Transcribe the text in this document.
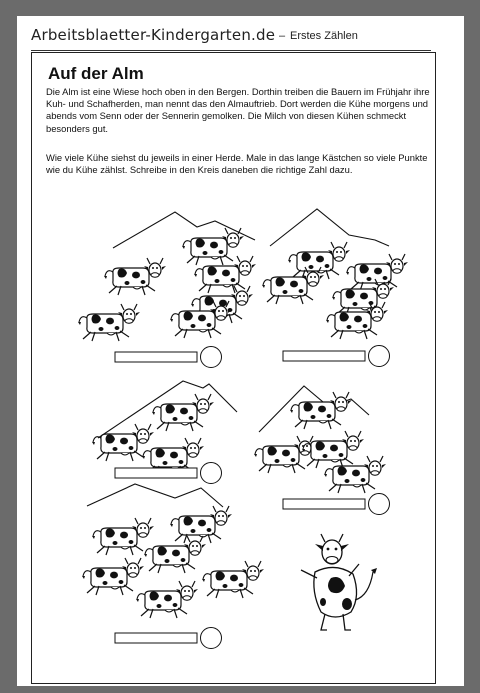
Arbeitsblaetter-Kindergarten.de – Erstes Zählen
Auf der Alm

Die Alm ist eine Wiese hoch oben in den Bergen. Dorthin treiben die Bauern im Frühjahr ihre Kuh- und Schafherden, man nennt das den Almauftrieb. Dort werden die Kühe morgens und abends vom Senn oder der Sennerin gemolken. Die Milch von diesen Kühen schmeckt besonders gut.

Wie viele Kühe siehst du jeweils in einer Herde. Male in das lange Kästchen so viele Punkte wie du Kühe zählst. Schreibe in den Kreis daneben die richtige Zahl dazu.
